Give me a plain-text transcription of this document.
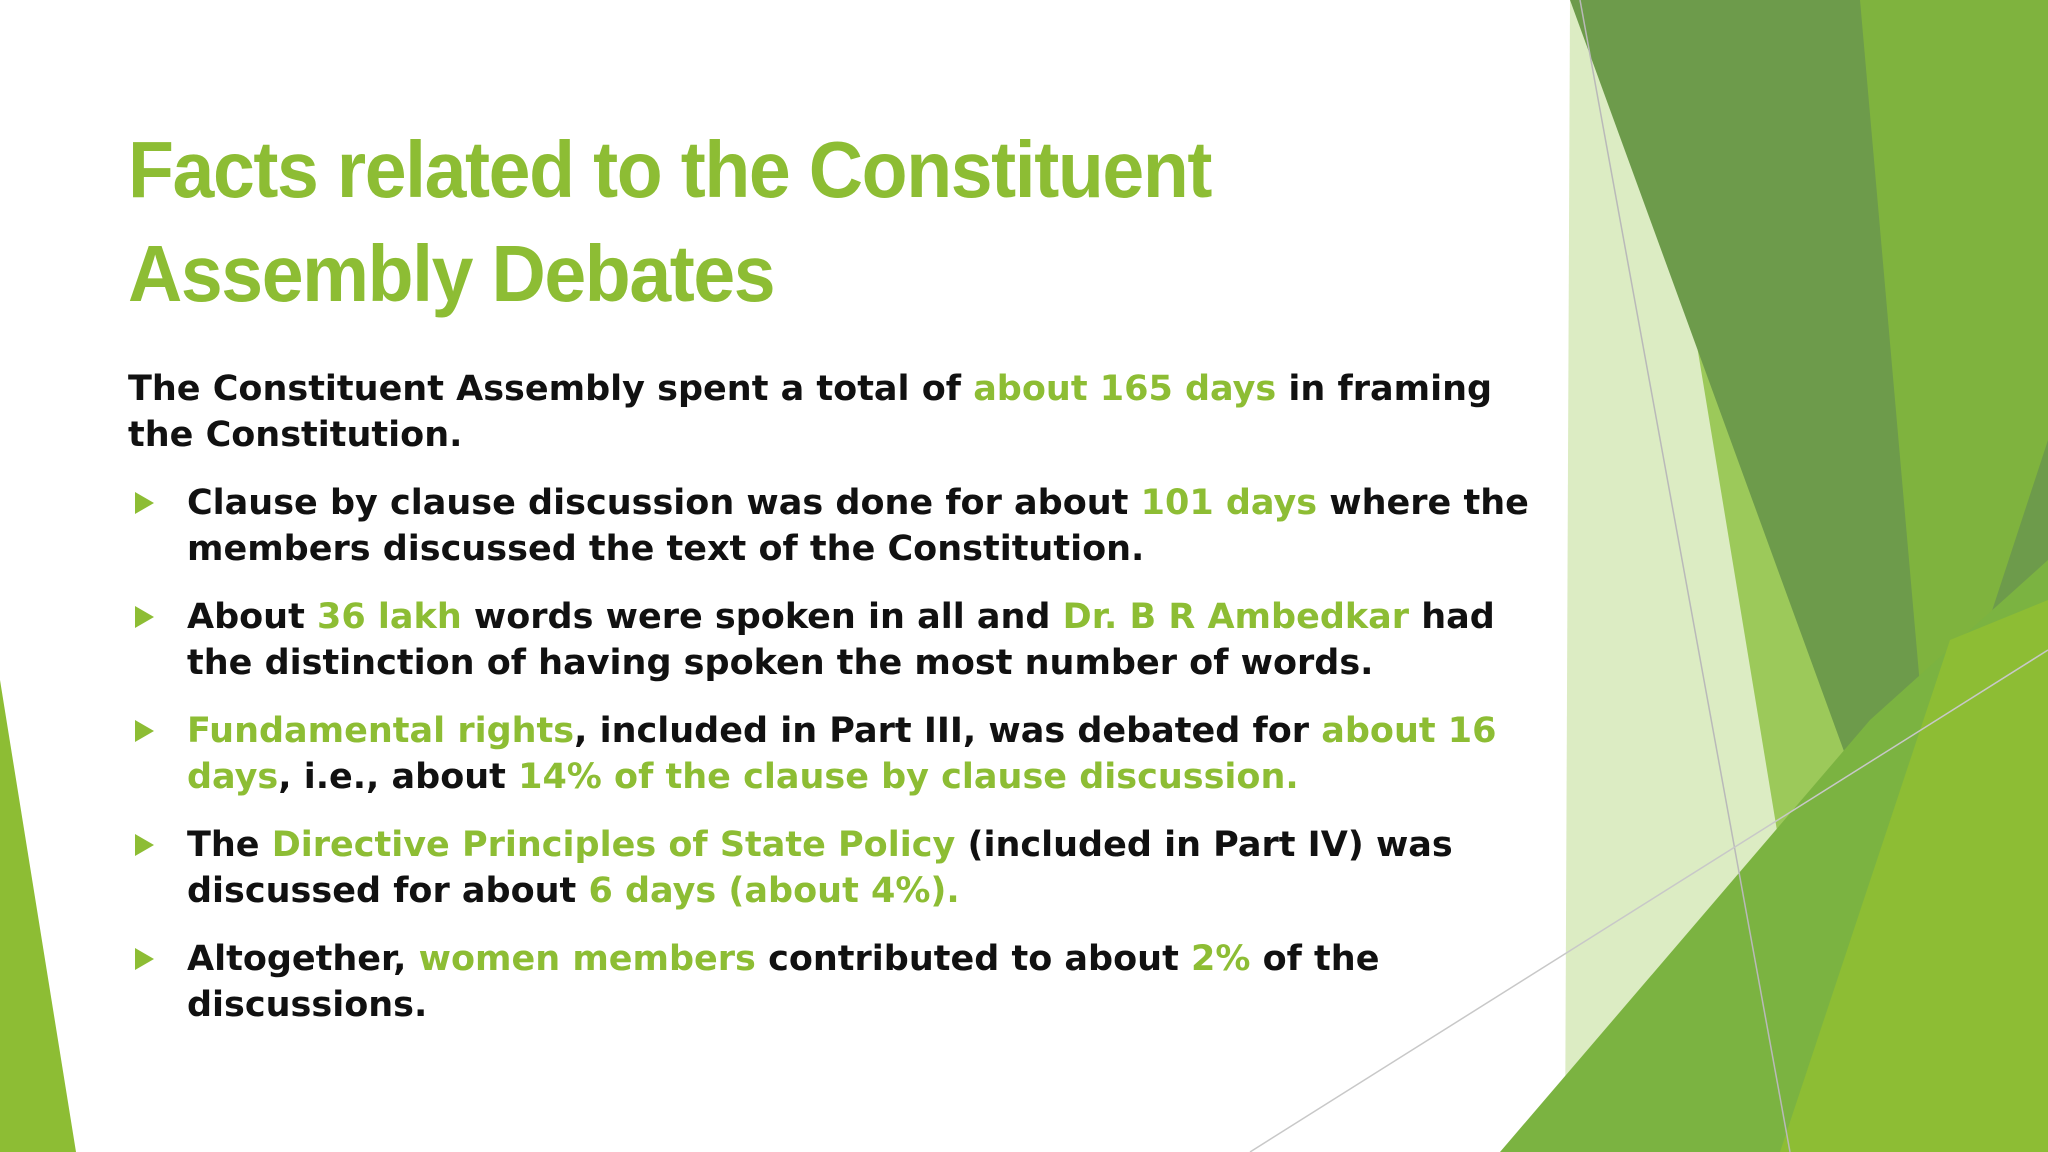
Facts related to the Constituent Assembly Debates

The Constituent Assembly spent a total of about 165 days in framing the Constitution.

Clause by clause discussion was done for about 101 days where the members discussed the text of the Constitution.
About 36 lakh words were spoken in all and Dr. B R Ambedkar had the distinction of having spoken the most number of words.
Fundamental rights, included in Part III, was debated for about 16 days, i.e., about 14% of the clause by clause discussion.
The Directive Principles of State Policy (included in Part IV) was discussed for about 6 days (about 4%).
Altogether, women members contributed to about 2% of the discussions.
